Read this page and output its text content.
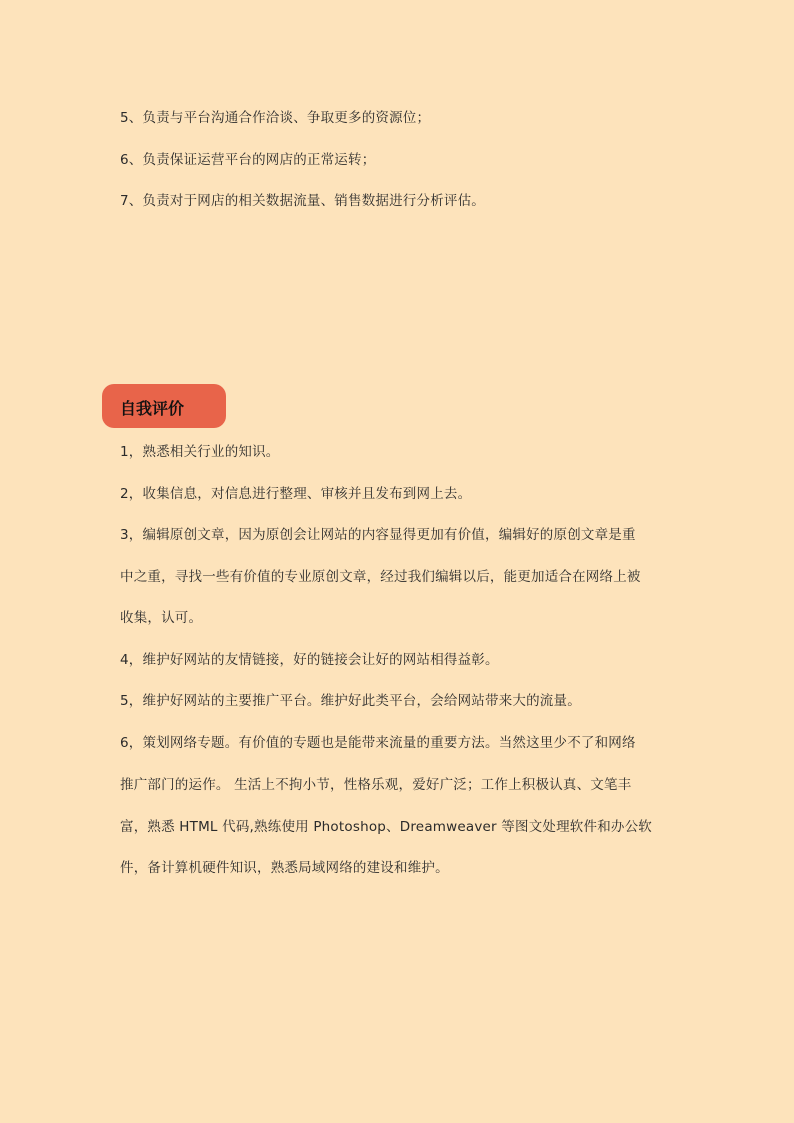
5、负责与平台沟通合作洽谈、争取更多的资源位；
6、负责保证运营平台的网店的正常运转；
7、负责对于网店的相关数据流量、销售数据进行分析评估。
自我评价
1，熟悉相关行业的知识。
2，收集信息，对信息进行整理、审核并且发布到网上去。
3，编辑原创文章，因为原创会让网站的内容显得更加有价值，编辑好的原创文章是重
中之重，寻找一些有价值的专业原创文章，经过我们编辑以后，能更加适合在网络上被
收集，认可。
4，维护好网站的友情链接，好的链接会让好的网站相得益彰。
5，维护好网站的主要推广平台。维护好此类平台，会给网站带来大的流量。
6，策划网络专题。有价值的专题也是能带来流量的重要方法。当然这里少不了和网络
推广部门的运作。 生活上不拘小节，性格乐观，爱好广泛；工作上积极认真、文笔丰
富，熟悉 HTML 代码,熟练使用 Photoshop、Dreamweaver 等图文处理软件和办公软
件，备计算机硬件知识，熟悉局域网络的建设和维护。
